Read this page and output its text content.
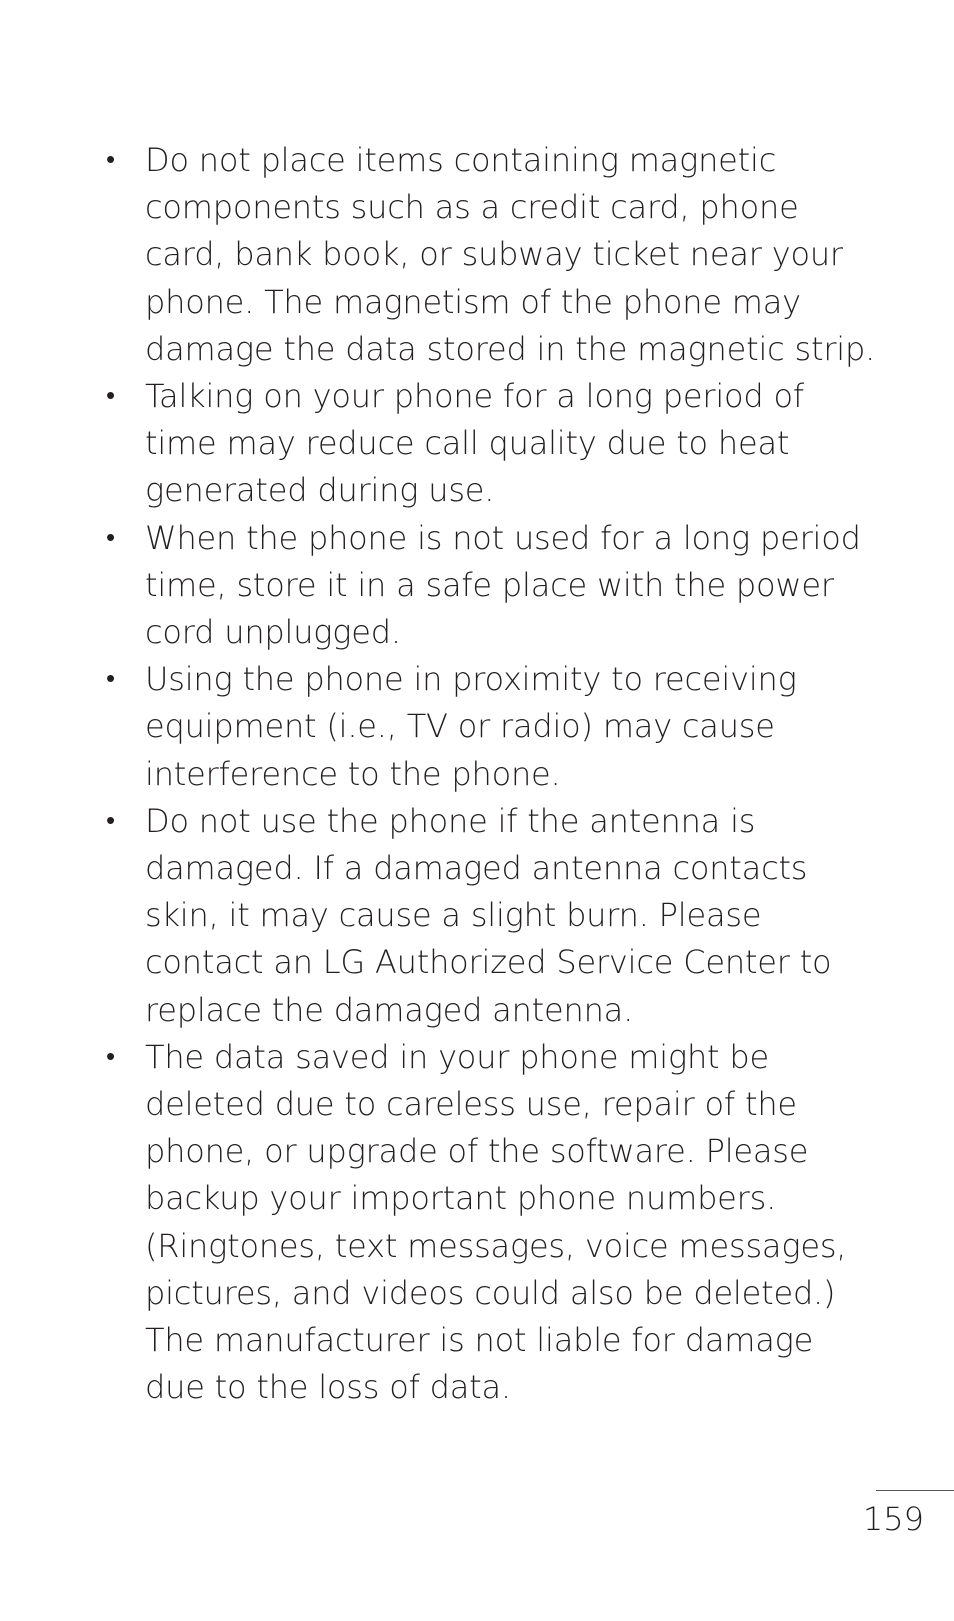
• Do not place items containing magnetic components such as a credit card, phone card, bank book, or subway ticket near your phone. The magnetism of the phone may damage the data stored in the magnetic strip.
• Talking on your phone for a long period of time may reduce call quality due to heat generated during use.
• When the phone is not used for a long period time, store it in a safe place with the power cord unplugged.
• Using the phone in proximity to receiving equipment (i.e., TV or radio) may cause interference to the phone.
• Do not use the phone if the antenna is damaged. If a damaged antenna contacts skin, it may cause a slight burn. Please contact an LG Authorized Service Center to replace the damaged antenna.
• The data saved in your phone might be deleted due to careless use, repair of the phone, or upgrade of the software. Please backup your important phone numbers. (Ringtones, text messages, voice messages, pictures, and videos could also be deleted.) The manufacturer is not liable for damage due to the loss of data.
159
